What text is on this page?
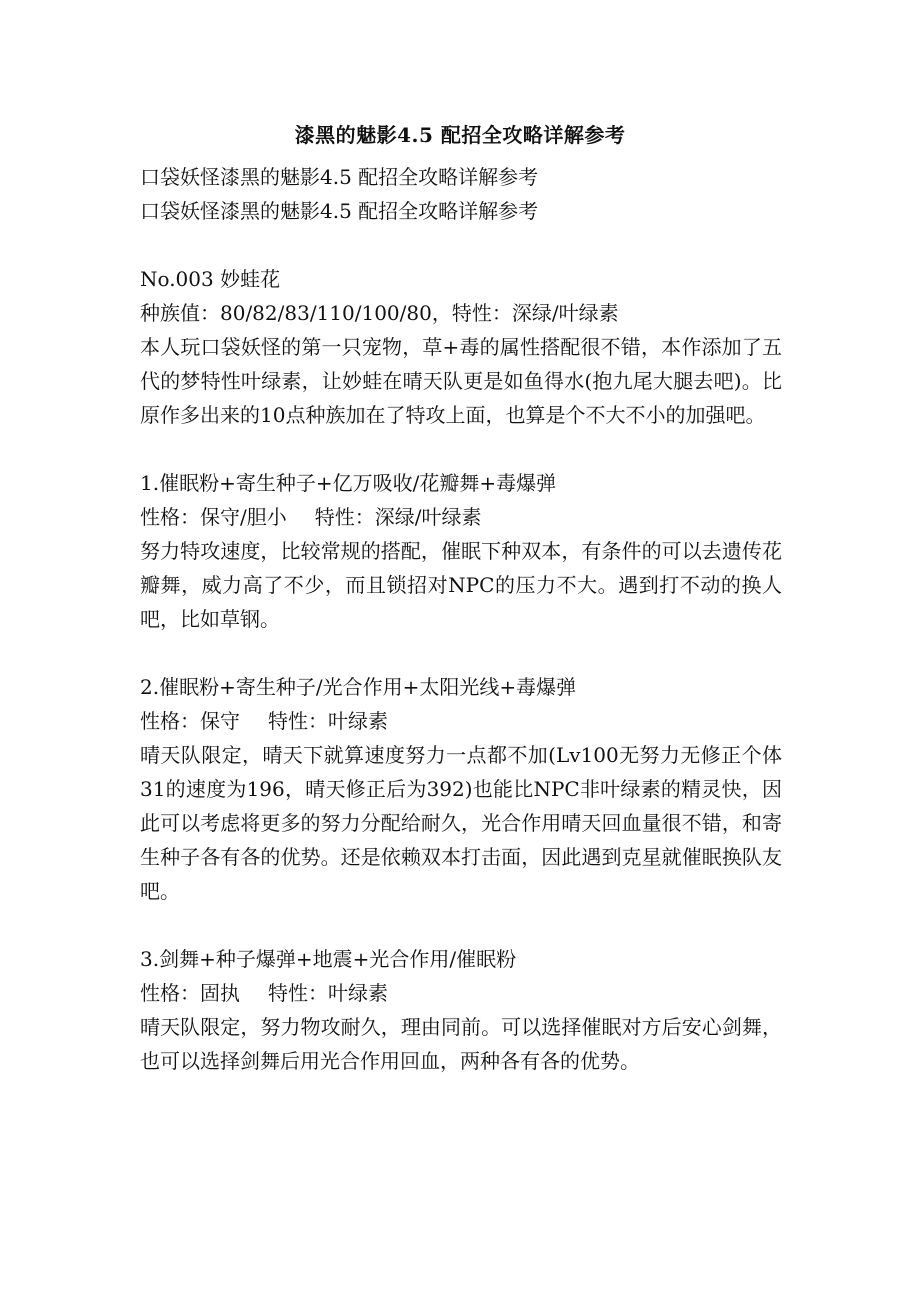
漆黑的魅影4.5 配招全攻略详解参考
口袋妖怪漆黑的魅影4.5 配招全攻略详解参考
口袋妖怪漆黑的魅影4.5 配招全攻略详解参考
No.003 妙蛙花
种族值：80/82/83/110/100/80，特性：深绿/叶绿素
本人玩口袋妖怪的第一只宠物，草+毒的属性搭配很不错，本作添加了五代的梦特性叶绿素，让妙蛙在晴天队更是如鱼得水(抱九尾大腿去吧)。比原作多出来的10点种族加在了特攻上面，也算是个不大不小的加强吧。
1.催眠粉+寄生种子+亿万吸收/花瓣舞+毒爆弹
性格：保守/胆小 特性：深绿/叶绿素
努力特攻速度，比较常规的搭配，催眠下种双本，有条件的可以去遗传花瓣舞，威力高了不少，而且锁招对NPC的压力不大。遇到打不动的换人吧，比如草钢。
2.催眠粉+寄生种子/光合作用+太阳光线+毒爆弹
性格：保守 特性：叶绿素
晴天队限定，晴天下就算速度努力一点都不加(Lv100无努力无修正个体31的速度为196，晴天修正后为392)也能比NPC非叶绿素的精灵快，因此可以考虑将更多的努力分配给耐久，光合作用晴天回血量很不错，和寄生种子各有各的优势。还是依赖双本打击面，因此遇到克星就催眠换队友吧。
3.剑舞+种子爆弹+地震+光合作用/催眠粉
性格：固执 特性：叶绿素
晴天队限定，努力物攻耐久，理由同前。可以选择催眠对方后安心剑舞，也可以选择剑舞后用光合作用回血，两种各有各的优势。
